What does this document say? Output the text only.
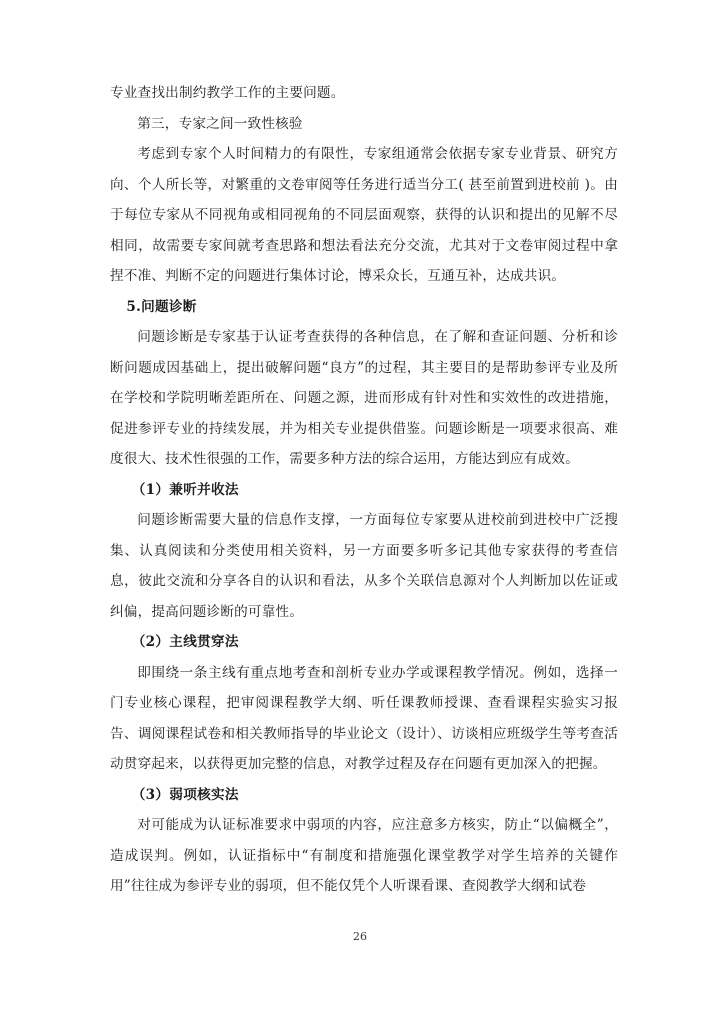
专业查找出制约教学工作的主要问题。

第三，专家之间一致性核验

考虑到专家个人时间精力的有限性，专家组通常会依据专家专业背景、研究方向、个人所长等，对繁重的文卷审阅等任务进行适当分工( 甚至前置到进校前 )。由于每位专家从不同视角或相同视角的不同层面观察，获得的认识和提出的见解不尽相同，故需要专家间就考查思路和想法看法充分交流，尤其对于文卷审阅过程中拿捏不准、判断不定的问题进行集体讨论，博采众长，互通互补，达成共识。

5.问题诊断

问题诊断是专家基于认证考查获得的各种信息，在了解和查证问题、分析和诊断问题成因基础上，提出破解问题“良方”的过程，其主要目的是帮助参评专业及所在学校和学院明晰差距所在、问题之源，进而形成有针对性和实效性的改进措施，促进参评专业的持续发展，并为相关专业提供借鉴。问题诊断是一项要求很高、难度很大、技术性很强的工作，需要多种方法的综合运用，方能达到应有成效。

（1）兼听并收法

问题诊断需要大量的信息作支撑，一方面每位专家要从进校前到进校中广泛搜集、认真阅读和分类使用相关资料，另一方面要多听多记其他专家获得的考查信息，彼此交流和分享各自的认识和看法，从多个关联信息源对个人判断加以佐证或纠偏，提高问题诊断的可靠性。

（2）主线贯穿法

即围绕一条主线有重点地考查和剖析专业办学或课程教学情况。例如，选择一门专业核心课程，把审阅课程教学大纲、听任课教师授课、查看课程实验实习报告、调阅课程试卷和相关教师指导的毕业论文（设计）、访谈相应班级学生等考查活动贯穿起来，以获得更加完整的信息，对教学过程及存在问题有更加深入的把握。

（3）弱项核实法

对可能成为认证标准要求中弱项的内容，应注意多方核实，防止“以偏概全”，造成误判。例如，认证指标中“有制度和措施强化课堂教学对学生培养的关键作用”往往成为参评专业的弱项，但不能仅凭个人听课看课、查阅教学大纲和试卷

26
